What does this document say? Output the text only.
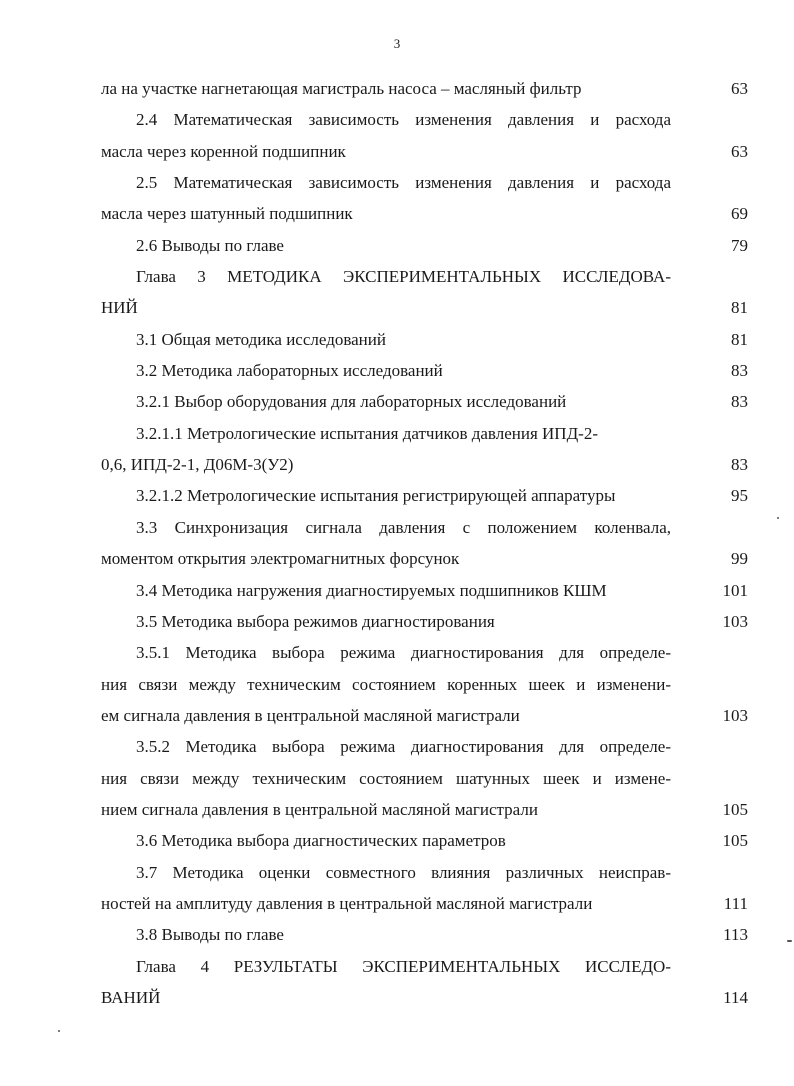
3
ла на участке нагнетающая магистраль насоса – масляный фильтр	63
2.4 Математическая зависимость изменения давления и расхода
масла через коренной подшипник	63
2.5 Математическая зависимость изменения давления и расхода
масла через шатунный подшипник	69
2.6 Выводы по главе	79
Глава 3 МЕТОДИКА ЭКСПЕРИМЕНТАЛЬНЫХ ИССЛЕДОВА-
НИЙ	81
3.1 Общая методика исследований	81
3.2 Методика лабораторных исследований	83
3.2.1 Выбор оборудования для лабораторных исследований	83
3.2.1.1 Метрологические испытания датчиков давления ИПД-2-
0,6, ИПД-2-1, Д06М-3(У2)	83
3.2.1.2 Метрологические испытания регистрирующей аппаратуры	95
3.3 Синхронизация сигнала давления с положением коленвала,
моментом открытия электромагнитных форсунок	99
3.4 Методика нагружения диагностируемых подшипников КШМ	101
3.5 Методика выбора режимов диагностирования	103
3.5.1 Методика выбора режима диагностирования для определе-
ния связи между техническим состоянием коренных шеек и изменени-
ем сигнала давления в центральной масляной магистрали	103
3.5.2 Методика выбора режима диагностирования для определе-
ния связи между техническим состоянием шатунных шеек и измене-
нием сигнала давления в центральной масляной магистрали	105
3.6 Методика выбора диагностических параметров	105
3.7 Методика оценки совместного влияния различных неисправ-
ностей на амплитуду давления в центральной масляной магистрали	111
3.8 Выводы по главе	113
Глава 4 РЕЗУЛЬТАТЫ ЭКСПЕРИМЕНТАЛЬНЫХ ИССЛЕДО-
ВАНИЙ	114
